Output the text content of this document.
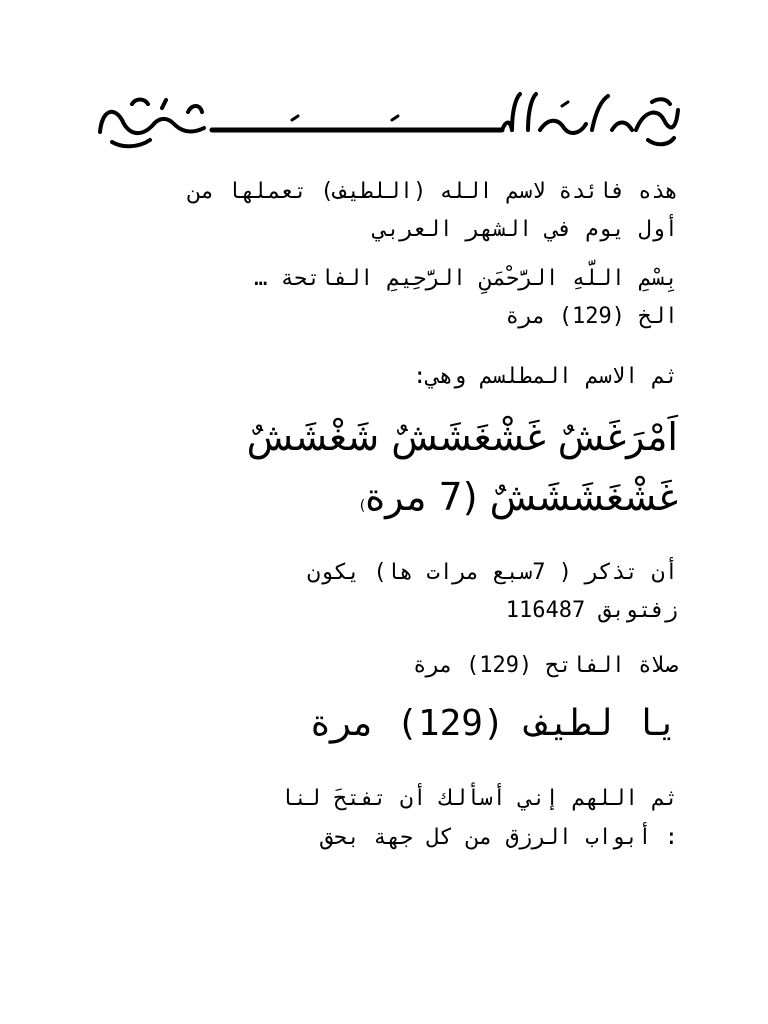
هذه فائدة لاسم الله (اللطيف) تعملها من
أول يوم في الشهر العربي
بِسْمِ اللَّهِ الرَّحْمَنِ الرَّحِيمِ الفاتحة …
الخ (129) مرة
ثم الاسم المطلسم وهي:
اَمْرَغَشٌ غَشْغَشَشٌ شَغْشَشٌ
غَشْغَشَشَشٌ (7 مرة)
أن تذكر ( 7سبع مرات ها) يكون
زفتوبق 116487
صلاة الفاتح (129) مرة
يا لطيف (129) مرة
ثم اللهم إني أسألك أن تفتحَ لنا
: أبواب الرزق من كل جهة بحق
